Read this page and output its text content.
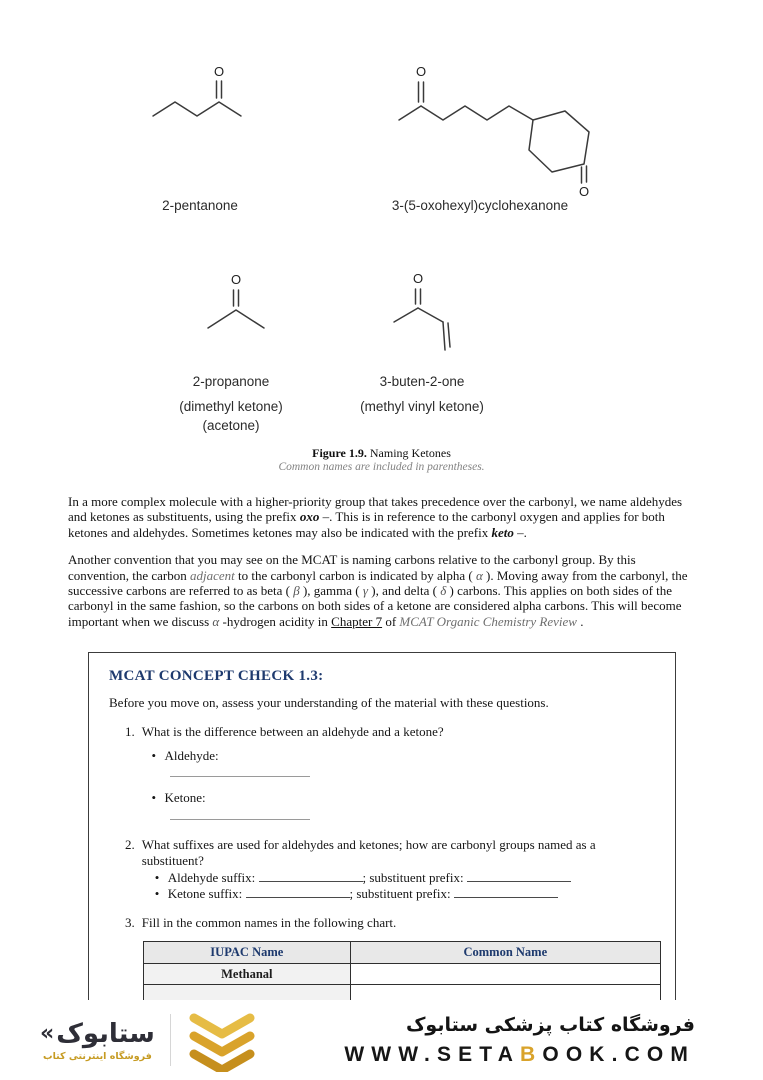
O
2-pentanone
O
O
3-(5-oxohexyl)cyclohexanone
O
2-propanone
(dimethyl ketone)
(acetone)
O
3-buten-2-one
(methyl vinyl ketone)
Figure 1.9. Naming Ketones
Common names are included in parentheses.

In a more complex molecule with a higher-priority group that takes precedence over the carbonyl, we name aldehydes and ketones as substituents, using the prefix oxo –. This is in reference to the carbonyl oxygen and applies for both ketones and aldehydes. Sometimes ketones may also be indicated with the prefix keto –.

Another convention that you may see on the MCAT is naming carbons relative to the carbonyl group. By this convention, the carbon adjacent to the carbonyl carbon is indicated by alpha ( α ). Moving away from the carbonyl, the successive carbons are referred to as beta ( β ), gamma ( γ ), and delta ( δ ) carbons. This applies on both sides of the carbonyl in the same fashion, so the carbons on both sides of a ketone are considered alpha carbons. This will become important when we discuss α -hydrogen acidity in Chapter 7 of MCAT Organic Chemistry Review .

MCAT CONCEPT CHECK 1.3:
Before you move on, assess your understanding of the material with these questions.
1. What is the difference between an aldehyde and a ketone?

• Aldehyde:
• Ketone:
2. What suffixes are used for aldehydes and ketones; how are carbonyl groups named as a substituent?
• Aldehyde suffix:	; substituent prefix:
• Ketone suffix:	; substituent prefix:
3. Fill in the common names in the following chart.
IUPAC Name	Common Name
Methanal	

« ستابوک
فروشگاه اینترنتی کتاب
فروشگاه کتاب پزشکی ستابوک
WWW.SETABOOK.COM
